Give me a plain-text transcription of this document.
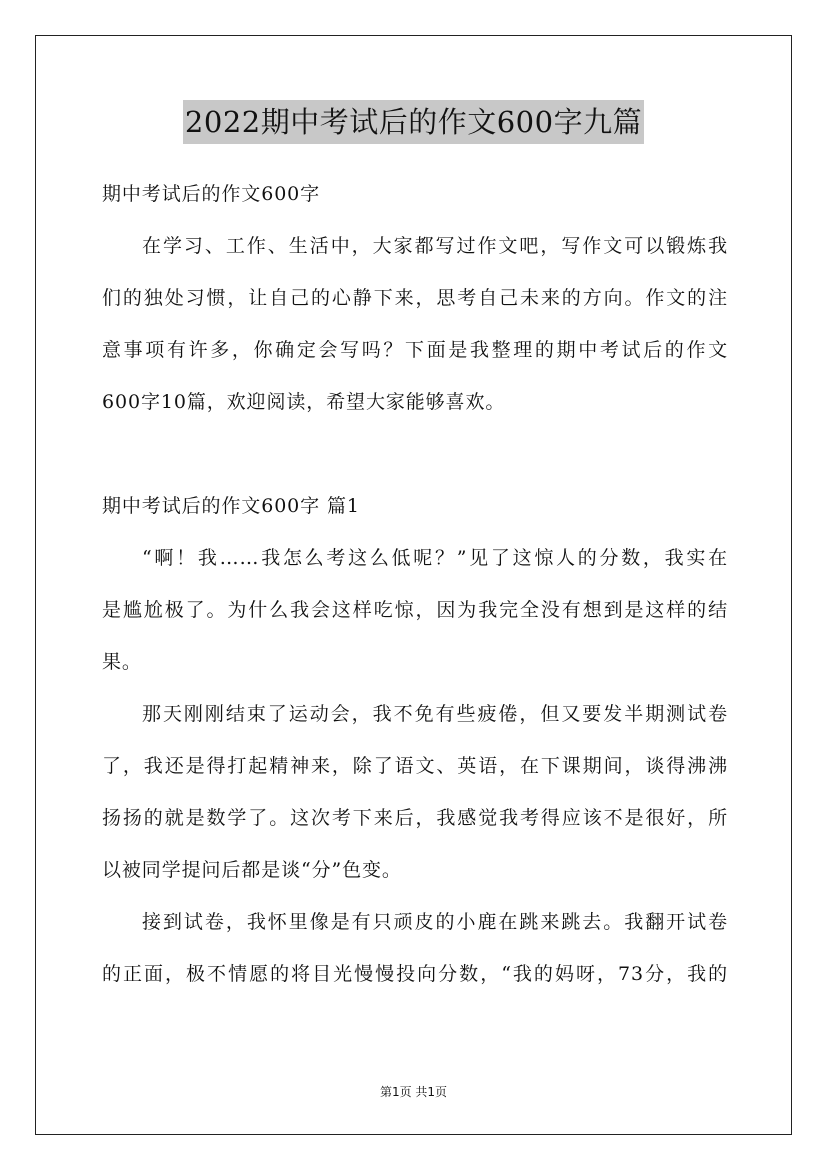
2022期中考试后的作文600字九篇
期中考试后的作文600字
在学习、工作、生活中，大家都写过作文吧，写作文可以锻炼我
们的独处习惯，让自己的心静下来，思考自己未来的方向。作文的注
意事项有许多，你确定会写吗？下面是我整理的期中考试后的作文
600字10篇，欢迎阅读，希望大家能够喜欢。
期中考试后的作文600字 篇1
“啊！我……我怎么考这么低呢？”见了这惊人的分数，我实在
是尴尬极了。为什么我会这样吃惊，因为我完全没有想到是这样的结
果。
那天刚刚结束了运动会，我不免有些疲倦，但又要发半期测试卷
了，我还是得打起精神来，除了语文、英语，在下课期间，谈得沸沸
扬扬的就是数学了。这次考下来后，我感觉我考得应该不是很好，所
以被同学提问后都是谈“分”色变。
接到试卷，我怀里像是有只顽皮的小鹿在跳来跳去。我翻开试卷
的正面，极不情愿的将目光慢慢投向分数，“我的妈呀，73分，我的
第1页 共1页
